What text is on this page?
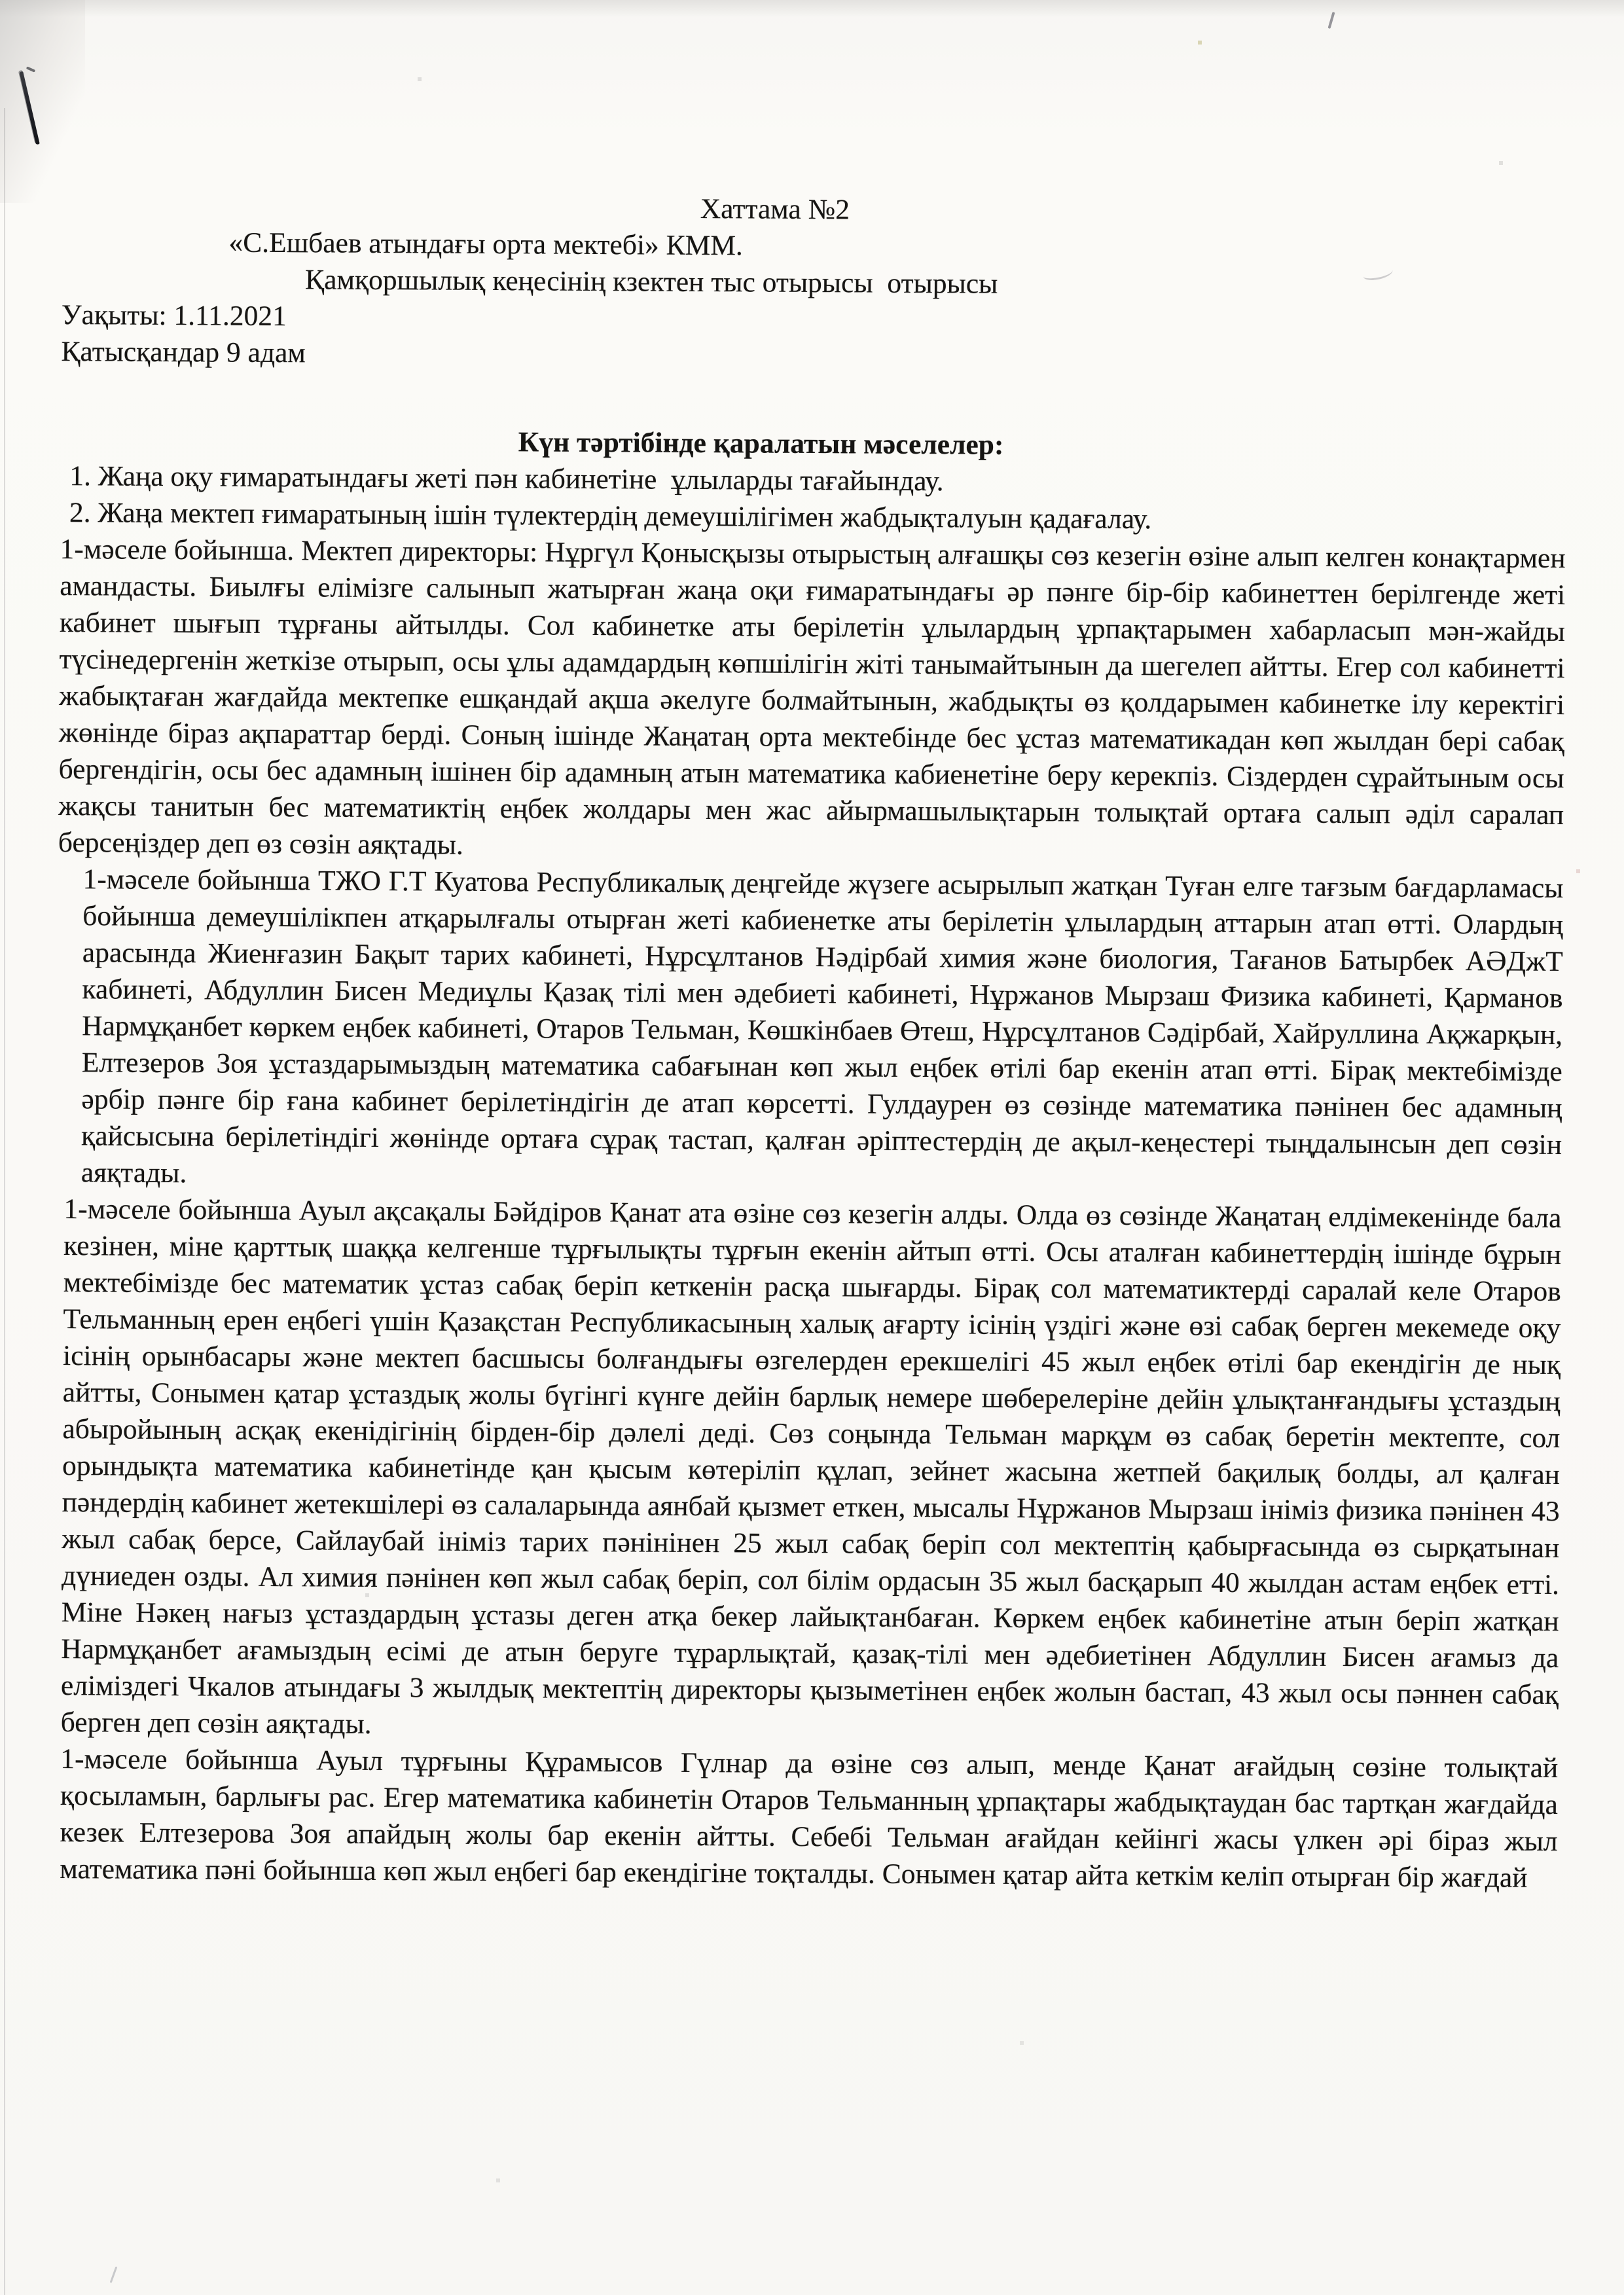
Хаттама №2
«С.Ешбаев атындағы орта мектебі» КММ.
Қамқоршылық кеңесінің кзектен тыс отырысы  отырысы
Уақыты: 1.11.2021
Қатысқандар 9 адам
Күн тәртібінде қаралатын мәселелер:
1. Жаңа оқу ғимаратындағы жеті пән кабинетіне  ұлыларды тағайындау.
2. Жаңа мектеп ғимаратының ішін түлектердің демеушілігімен жабдықталуын қадағалау.

1-мәселе бойынша. Мектеп директоры: Нұргүл Қонысқызы отырыстың алғашқы сөз кезегін өзіне алып келген конақтармен амандасты. Биылғы елімізге салынып жатырған жаңа оқи ғимаратындағы әр пәнге бір-бір кабинеттен берілгенде жеті кабинет шығып тұрғаны айтылды. Сол кабинетке аты берілетін ұлылардың ұрпақтарымен хабарласып мән-жайды түсінедергенін жеткізе отырып, осы ұлы адамдардың көпшілігін жіті танымайтынын да шегелеп айтты. Егер сол кабинетті жабықтаған жағдайда мектепке ешқандай ақша әкелуге болмайтынын, жабдықты өз қолдарымен кабинетке ілу керектігі жөнінде біраз ақпараттар берді. Соның ішінде Жаңатаң орта мектебінде бес ұстаз математикадан көп жылдан бері сабақ бергендігін, осы бес адамның ішінен бір адамның атын математика кабиенетіне беру керекпіз. Сіздерден сұрайтыным осы жақсы танитын бес математиктің еңбек жолдары мен жас айырмашылықтарын толықтай ортаға салып әділ саралап берсеңіздер деп өз сөзін аяқтады.

1-мәселе бойынша ТЖО Г.Т Куатова Республикалық деңгейде жүзеге асырылып жатқан Туған елге тағзым бағдарламасы бойынша демеушілікпен атқарылғалы отырған жеті кабиенетке аты берілетін ұлылардың аттарын атап өтті. Олардың арасында Жиенғазин Бақыт тарих кабинеті, Нұрсұлтанов Нәдірбай химия және биология, Тағанов Батырбек АӘДжТ кабинеті, Абдуллин Бисен Медиұлы Қазақ тілі мен әдебиеті кабинеті, Нұржанов Мырзаш Физика кабинеті, Қарманов Нармұқанбет көркем еңбек кабинеті, Отаров Тельман, Көшкінбаев Өтеш, Нұрсұлтанов Сәдірбай, Хайруллина Ақжарқын, Елтезеров Зоя ұстаздарымыздың математика сабағынан көп жыл еңбек өтілі бар екенін атап өтті. Бірақ мектебімізде әрбір пәнге бір ғана кабинет берілетіндігін де атап көрсетті. Гулдаурен өз сөзінде математика пәнінен бес адамның қайсысына берілетіндігі жөнінде ортаға сұрақ тастап, қалған әріптестердің де ақыл-кеңестері тыңдалынсын деп сөзін аяқтады.

1-мәселе бойынша Ауыл ақсақалы Бәйдіров Қанат ата өзіне сөз кезегін алды. Олда өз сөзінде Жаңатаң елдімекенінде бала кезінен, міне қарттық шаққа келгенше тұрғылықты тұрғын екенін айтып өтті. Осы аталған кабинеттердің ішінде бұрын мектебімізде бес математик ұстаз сабақ беріп кеткенін расқа шығарды. Бірақ сол математиктерді саралай келе Отаров Тельманның ерен еңбегі үшін Қазақстан Республикасының халық ағарту ісінің үздігі және өзі сабақ берген мекемеде оқу ісінің орынбасары және мектеп басшысы болғандығы өзгелерден ерекшелігі 45 жыл еңбек өтілі бар екендігін де нық айтты, Сонымен қатар ұстаздық жолы бүгінгі күнге дейін барлық немере шөберелеріне дейін ұлықтанғандығы ұстаздың абыройының асқақ екенідігінің бірден-бір дәлелі деді. Сөз соңында Тельман марқұм өз сабақ беретін мектепте, сол орындықта математика кабинетінде қан қысым көтеріліп құлап, зейнет жасына жетпей бақилық болды, ал қалған пәндердің кабинет жетекшілері өз салаларында аянбай қызмет еткен, мысалы Нұржанов Мырзаш ініміз физика пәнінен 43 жыл сабақ берсе, Сайлаубай ініміз тарих пәнінінен 25 жыл сабақ беріп сол мектептің қабырғасында өз сырқатынан дүниеден озды. Ал химия пәнінен көп жыл сабақ беріп, сол білім ордасын 35 жыл басқарып 40 жылдан астам еңбек етті. Міне Нәкең нағыз ұстаздардың ұстазы деген атқа бекер лайықтанбаған. Көркем еңбек кабинетіне атын беріп жатқан Нармұқанбет ағамыздың есімі де атын беруге тұрарлықтай, қазақ-тілі мен әдебиетінен Абдуллин Бисен ағамыз да еліміздегі Чкалов атындағы 3 жылдық мектептің директоры қызыметінен еңбек жолын бастап, 43 жыл осы пәннен сабақ берген деп сөзін аяқтады.

1-мәселе бойынша Ауыл тұрғыны Құрамысов Гүлнар да өзіне сөз алып, менде Қанат ағайдың сөзіне толықтай қосыламын, барлығы рас. Егер математика кабинетін Отаров Тельманның ұрпақтары жабдықтаудан бас тартқан жағдайда кезек Елтезерова Зоя апайдың жолы бар екенін айтты. Себебі Тельман ағайдан кейінгі жасы үлкен әрі біраз жыл математика пәні бойынша көп жыл еңбегі бар екендігіне тоқталды. Сонымен қатар айта кеткім келіп отырған бір жағдай
